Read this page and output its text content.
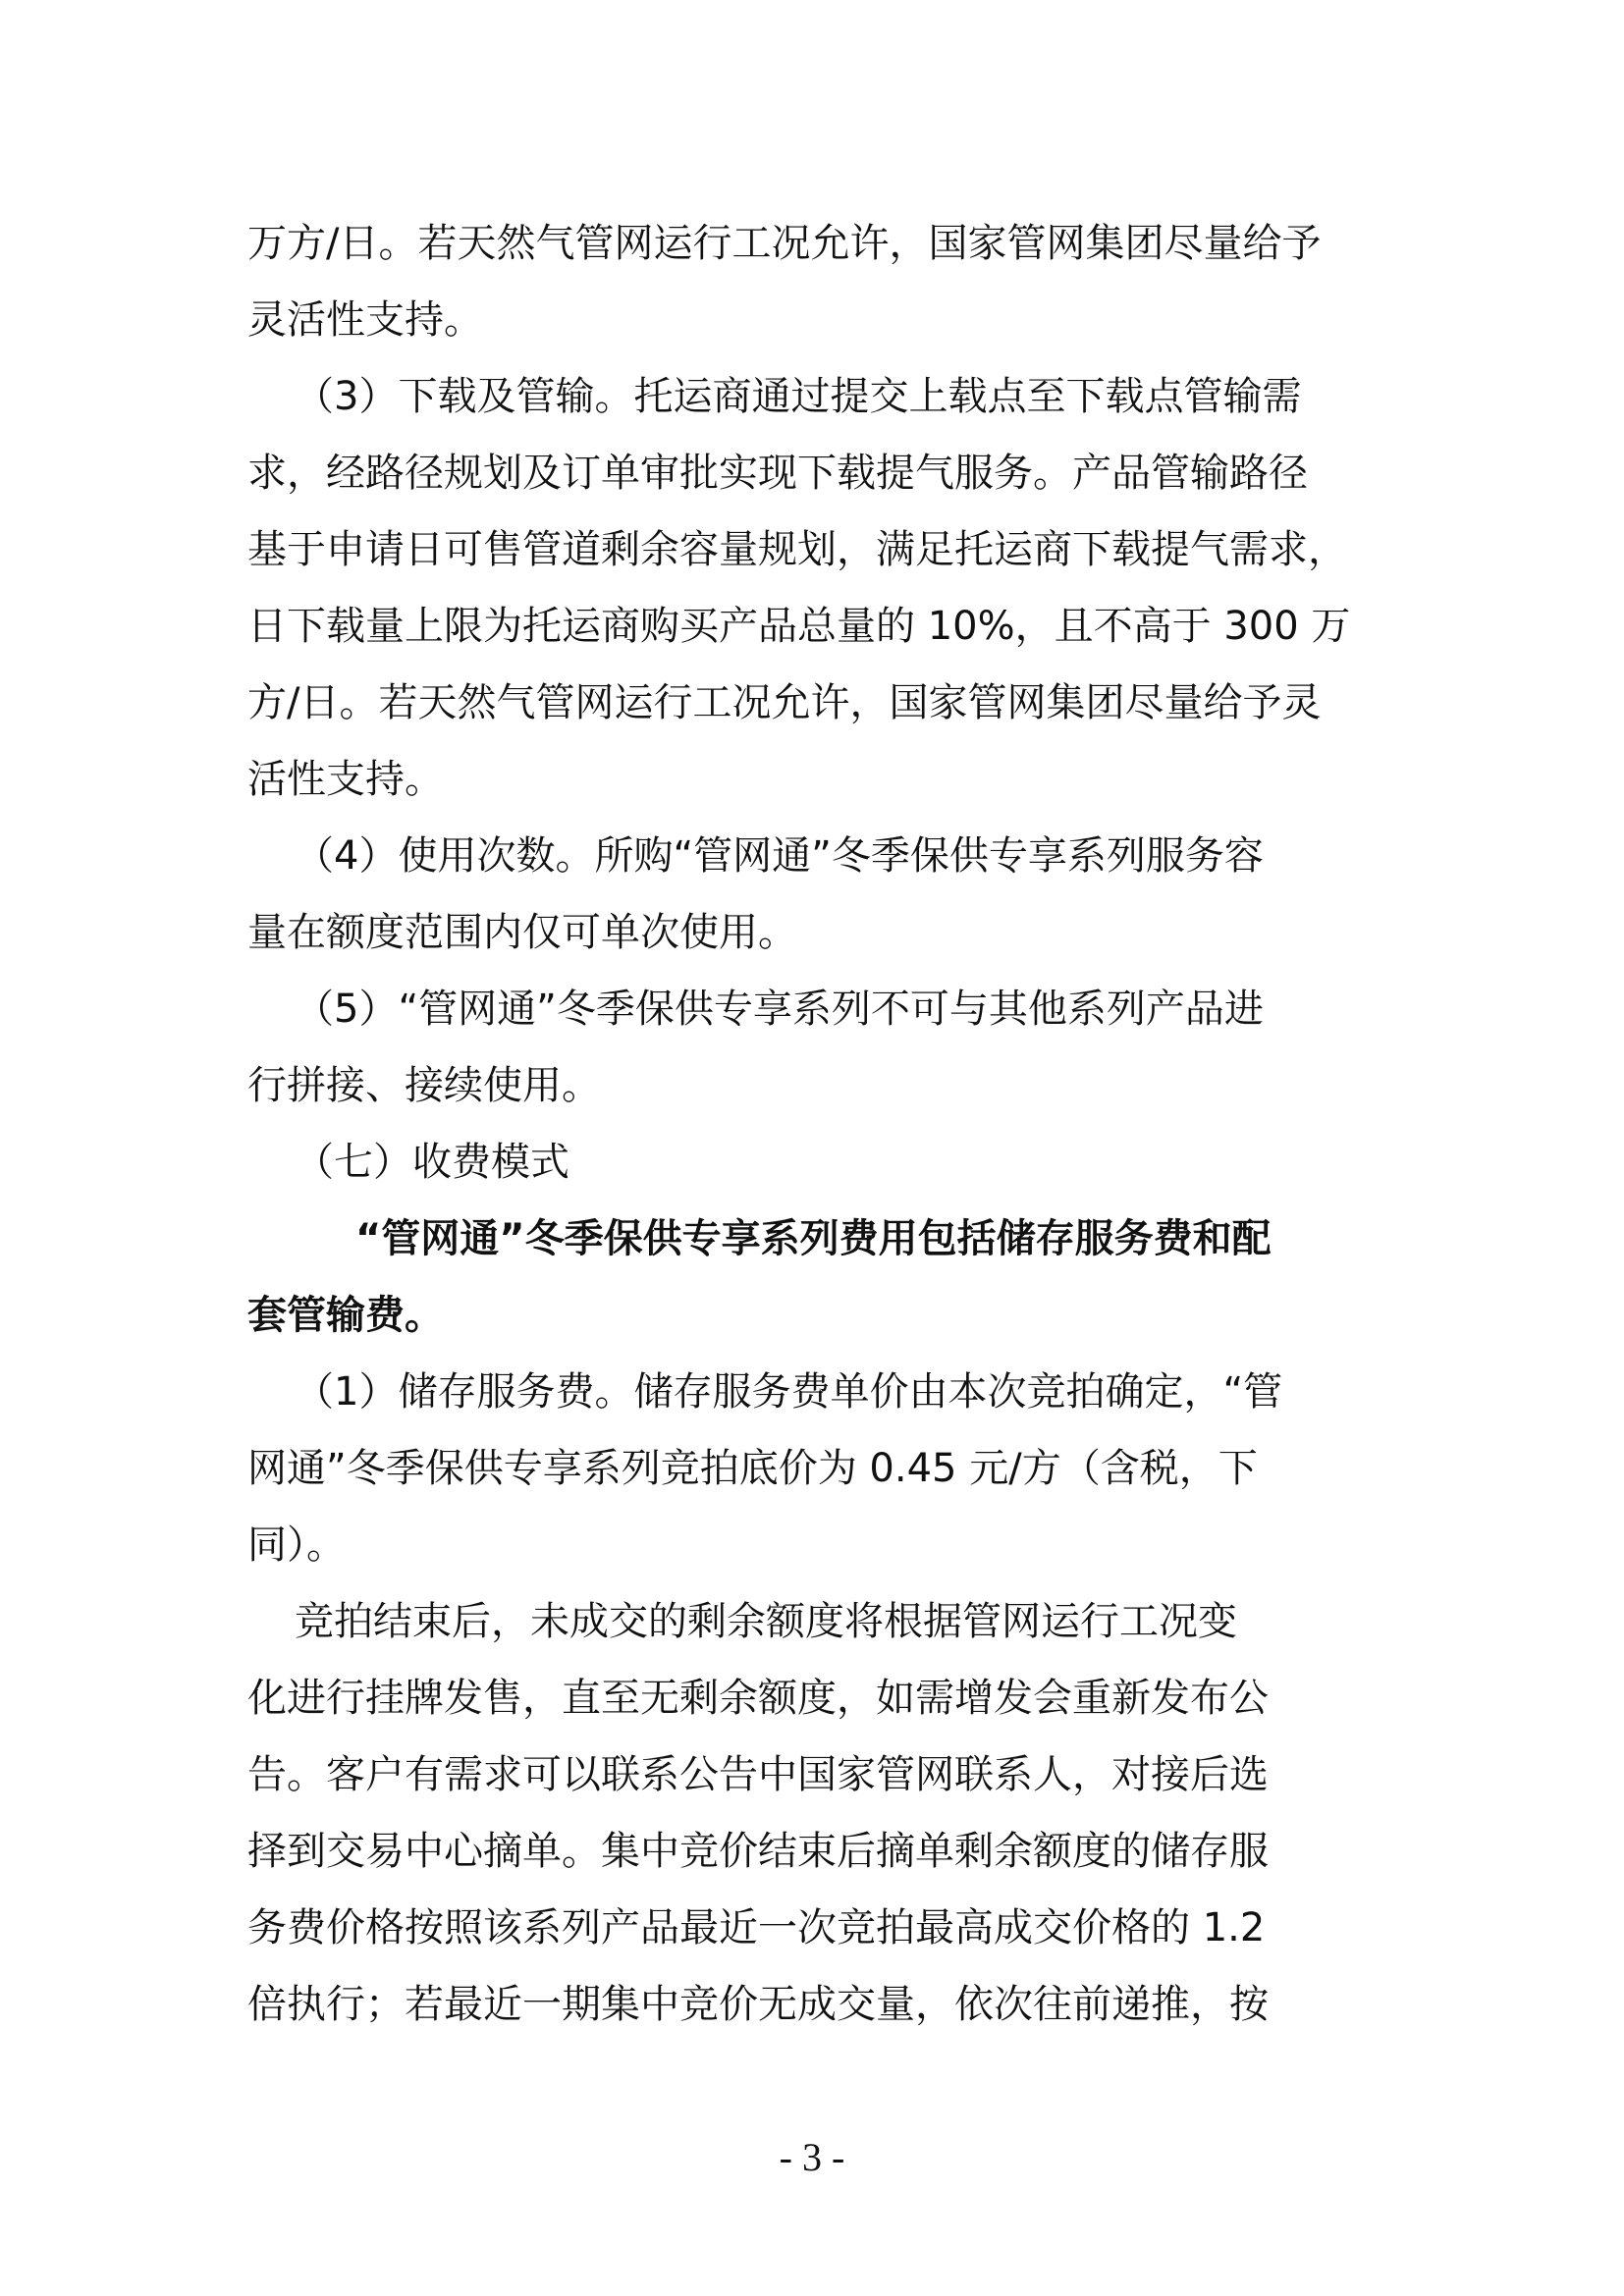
万方/日。若天然气管网运行工况允许，国家管网集团尽量给予
灵活性支持。
（3）下载及管输。托运商通过提交上载点至下载点管输需
求，经路径规划及订单审批实现下载提气服务。产品管输路径
基于申请日可售管道剩余容量规划，满足托运商下载提气需求，
日下载量上限为托运商购买产品总量的 10%，且不高于 300 万
方/日。若天然气管网运行工况允许，国家管网集团尽量给予灵
活性支持。
（4）使用次数。所购“管网通”冬季保供专享系列服务容
量在额度范围内仅可单次使用。
（5）“管网通”冬季保供专享系列不可与其他系列产品进
行拼接、接续使用。
（七）收费模式
“管网通”冬季保供专享系列费用包括储存服务费和配
套管输费。
（1）储存服务费。储存服务费单价由本次竞拍确定，“管
网通”冬季保供专享系列竞拍底价为 0.45 元/方（含税，下
同）。
竞拍结束后，未成交的剩余额度将根据管网运行工况变
化进行挂牌发售，直至无剩余额度，如需增发会重新发布公
告。客户有需求可以联系公告中国家管网联系人，对接后选
择到交易中心摘单。集中竞价结束后摘单剩余额度的储存服
务费价格按照该系列产品最近一次竞拍最高成交价格的 1.2
倍执行；若最近一期集中竞价无成交量，依次往前递推，按
- 3 -
